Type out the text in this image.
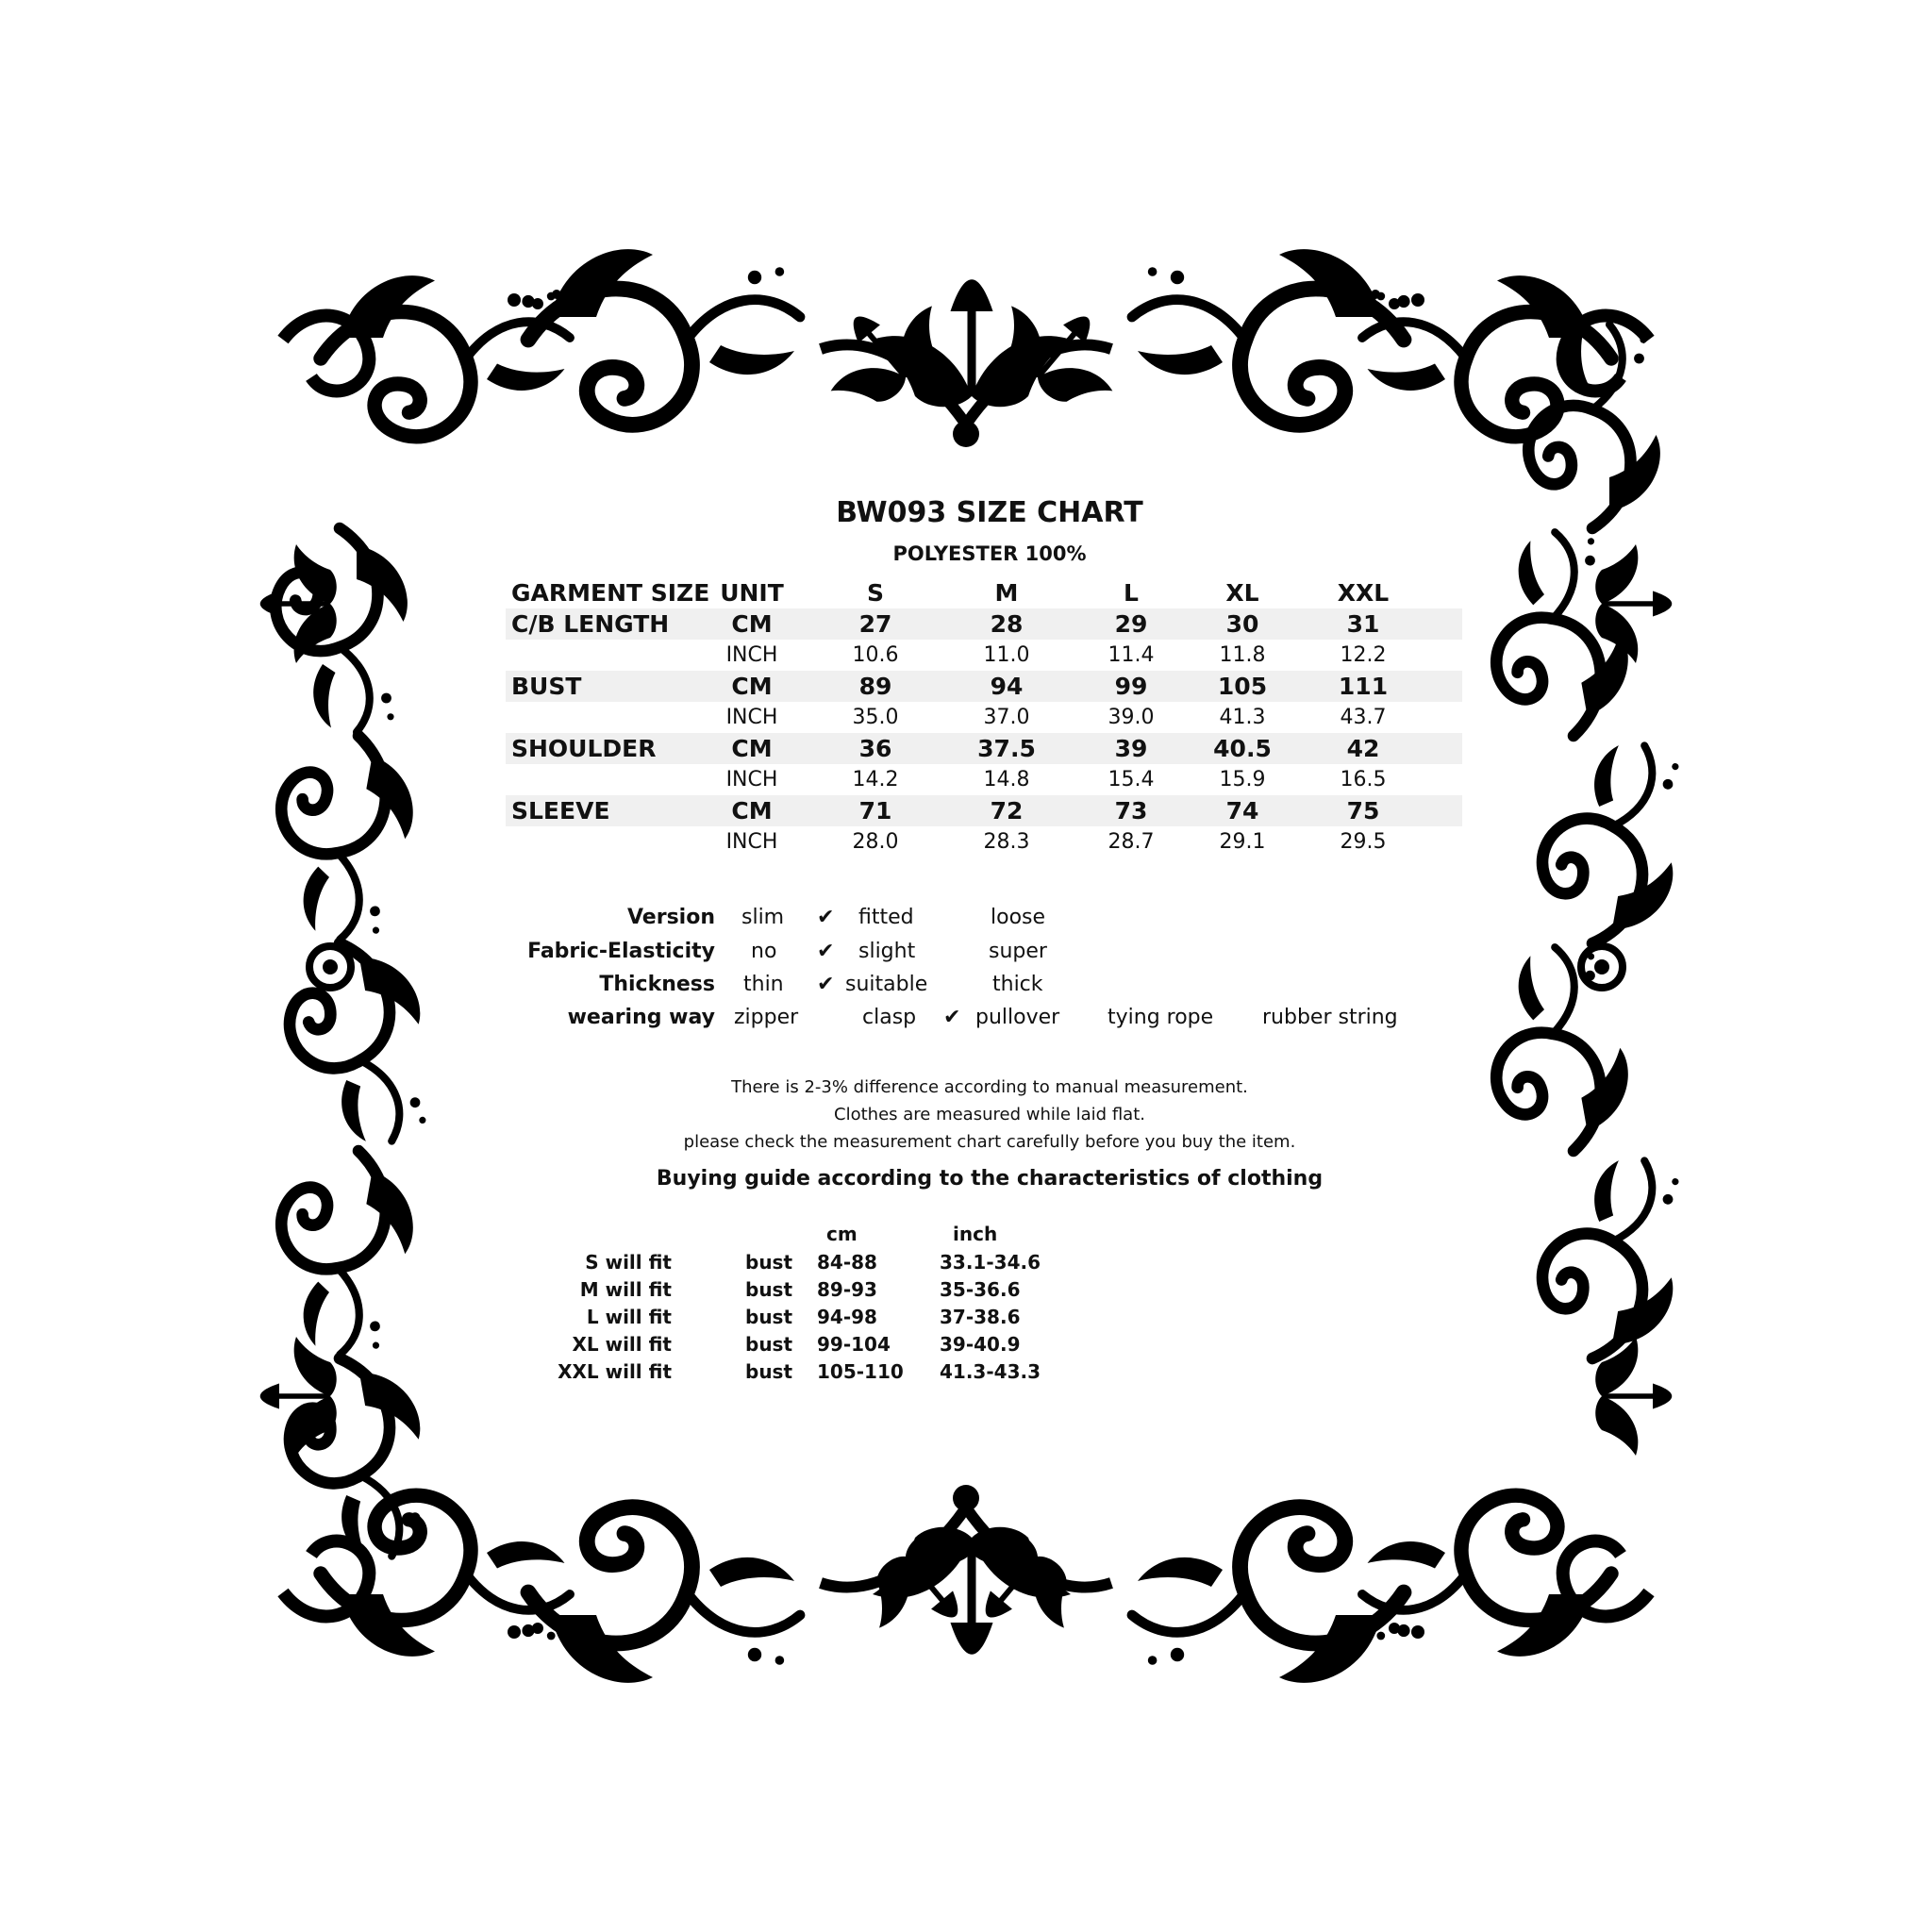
BW093 SIZE CHART
POLYESTER 100%
GARMENT SIZE UNIT	S	M	L	XL	XXL
C/B LENGTH	CM	27	28	29	30	31
INCH	10.6	11.0	11.4	11.8	12.2
BUST	CM	89	94	99	105	111
INCH	35.0	37.0	39.0	41.3	43.7
SHOULDER	CM	36	37.5	39	40.5	42
INCH	14.2	14.8	15.4	15.9	16.5
SLEEVE	CM	71	72	73	74	75
INCH	28.0	28.3	28.7	29.1	29.5
Version slim ✔ fitted	loose
Fabric-Elasticity no ✔ slight	super
Thickness thin ✔ suitable	thick
wearing way zipper	clasp ✔ pullover tying rope rubber string
There is 2-3% difference according to manual measurement.
Clothes are measured while laid flat.
please check the measurement chart carefully before you buy the item.
Buying guide according to the characteristics of clothing
cm	inch
S will fit	bust 84-88	33.1-34.6
M will fit	bust 89-93	35-36.6
L will fit	bust 94-98	37-38.6
XL will fit	bust 99-104	39-40.9
XXL will fit	bust 105-110 41.3-43.3
